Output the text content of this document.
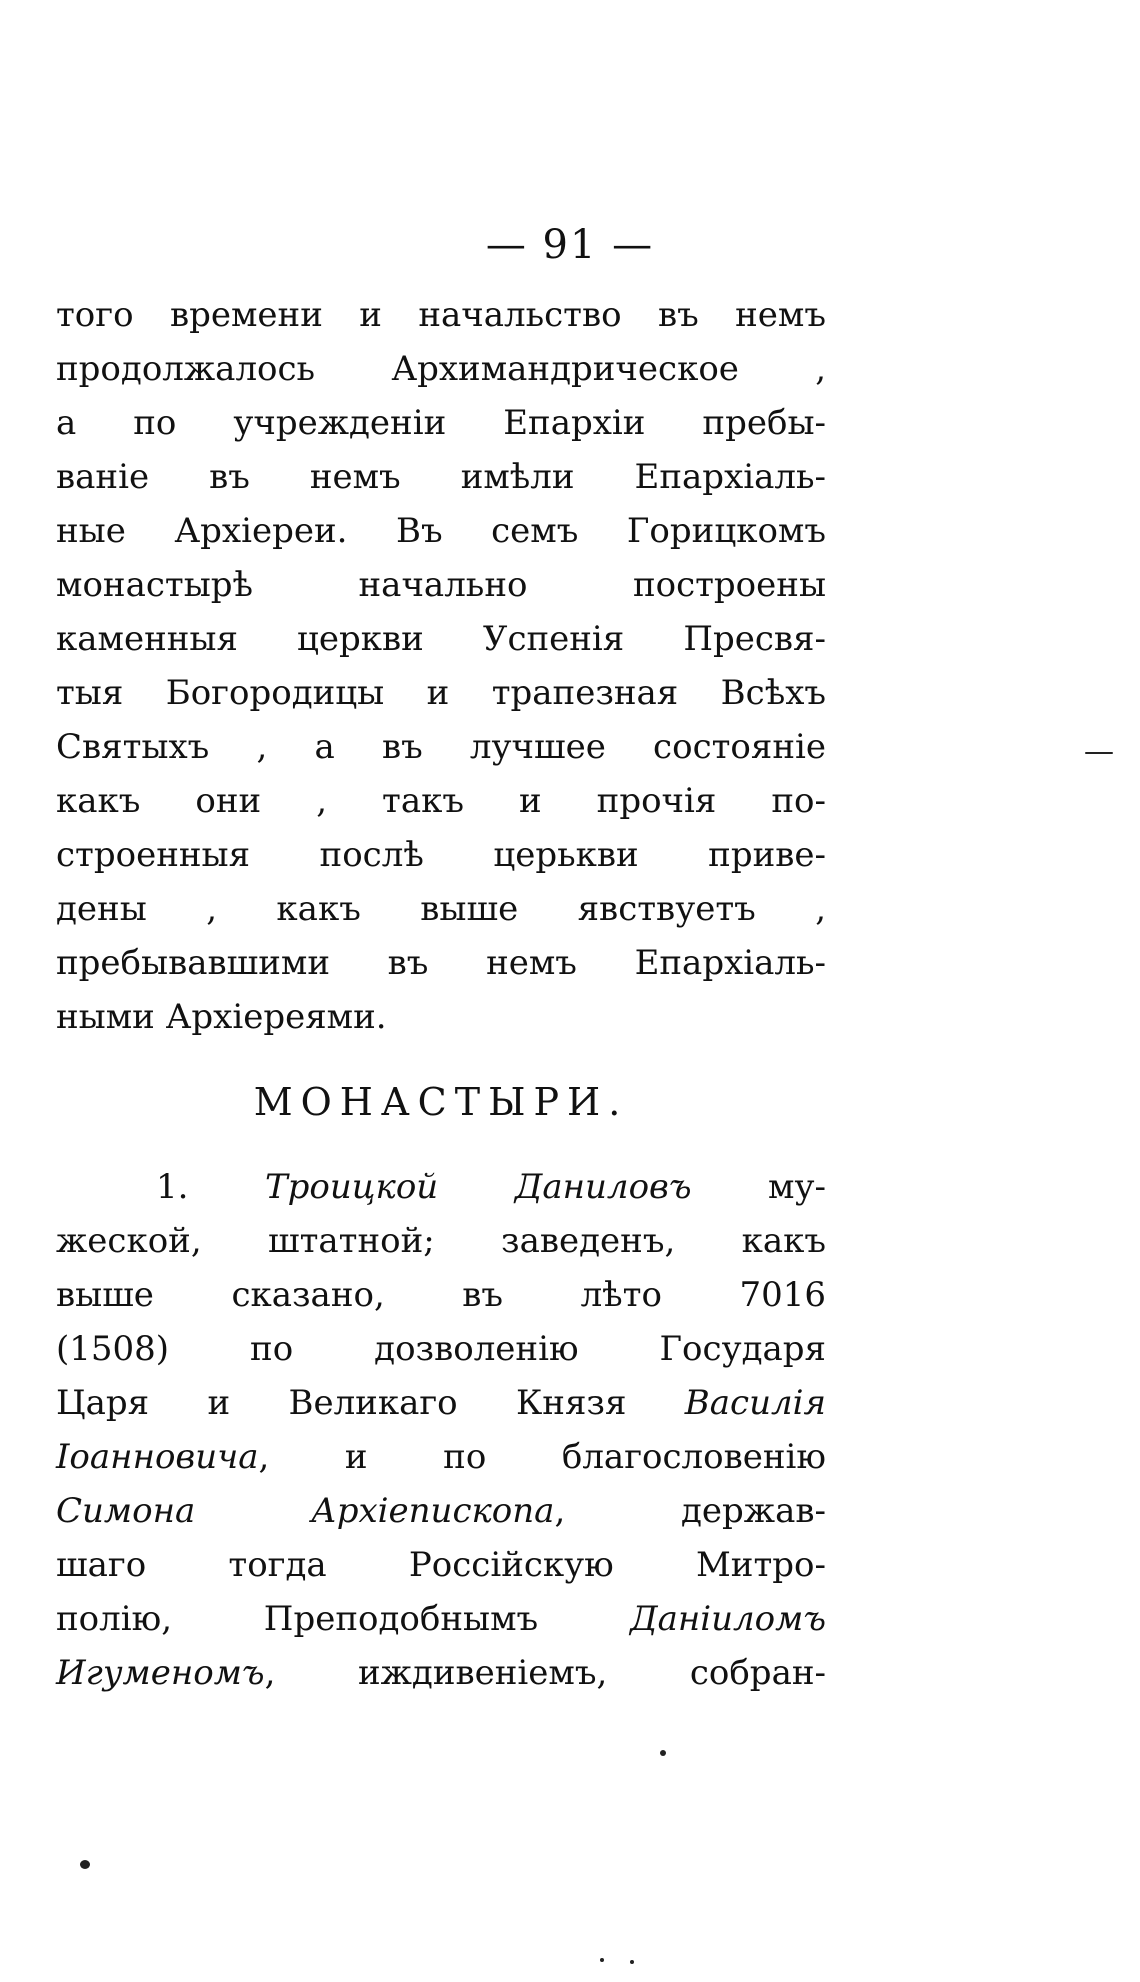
— 91 —
того времени и начальство въ немъ
продолжалось Архимандрическое ,
а по учрежденіи Епархіи пребы-
ваніе въ немъ имѣли Епархіаль-
ные Архіереи. Въ семъ Горицкомъ
монастырѣ начально построены
каменныя церкви Успенія Пресвя-
тыя Богородицы и трапезная Всѣхъ
Святыхъ , а въ лучшее состояніе
какъ они , такъ и прочія по-
строенныя послѣ церькви приве-
дены , какъ выше явствуетъ ,
пребывавшими въ немъ Епархіаль-
ными Архіереями.
МОНАСТЫРИ.
1. Троицкой Даниловъ му-
жеской, штатной; заведенъ, какъ
выше сказано, въ лѣто 7016
(1508) по дозволенію Государя
Царя и Великаго Князя Василія
Іоанновича, и по благословенію
Симона Архіепископа, держав-
шаго тогда Россійскую Митро-
полію, Преподобнымъ Даніиломъ
Игуменомъ, иждивеніемъ, собран-
